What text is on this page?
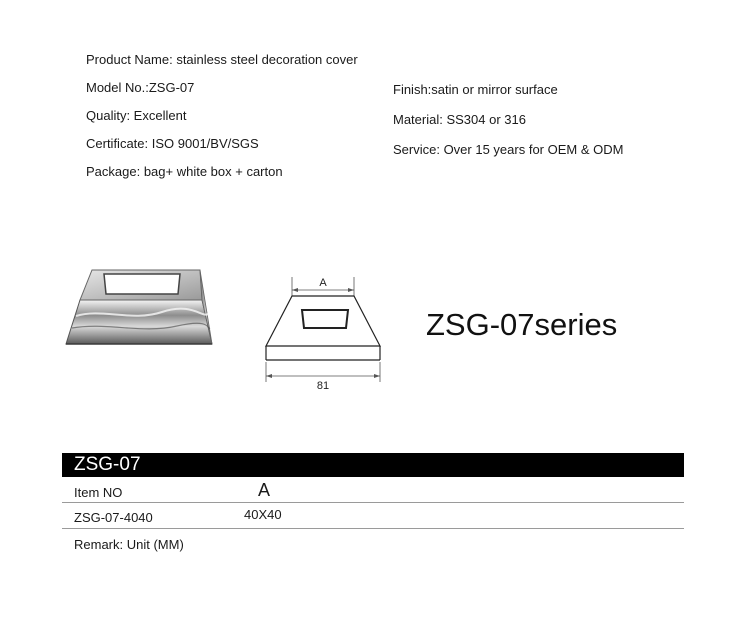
Product Name: stainless steel decoration cover
Model No.:ZSG-07
Quality: Excellent
Certificate: ISO 9001/BV/SGS
Package: bag+ white box + carton
Finish:satin or mirror surface
Material: SS304 or 316
Service: Over 15 years for OEM & ODM
A
81
ZSG-07series
ZSG-07
Item NO	A
ZSG-07-4040	40X40
Remark: Unit (MM)
